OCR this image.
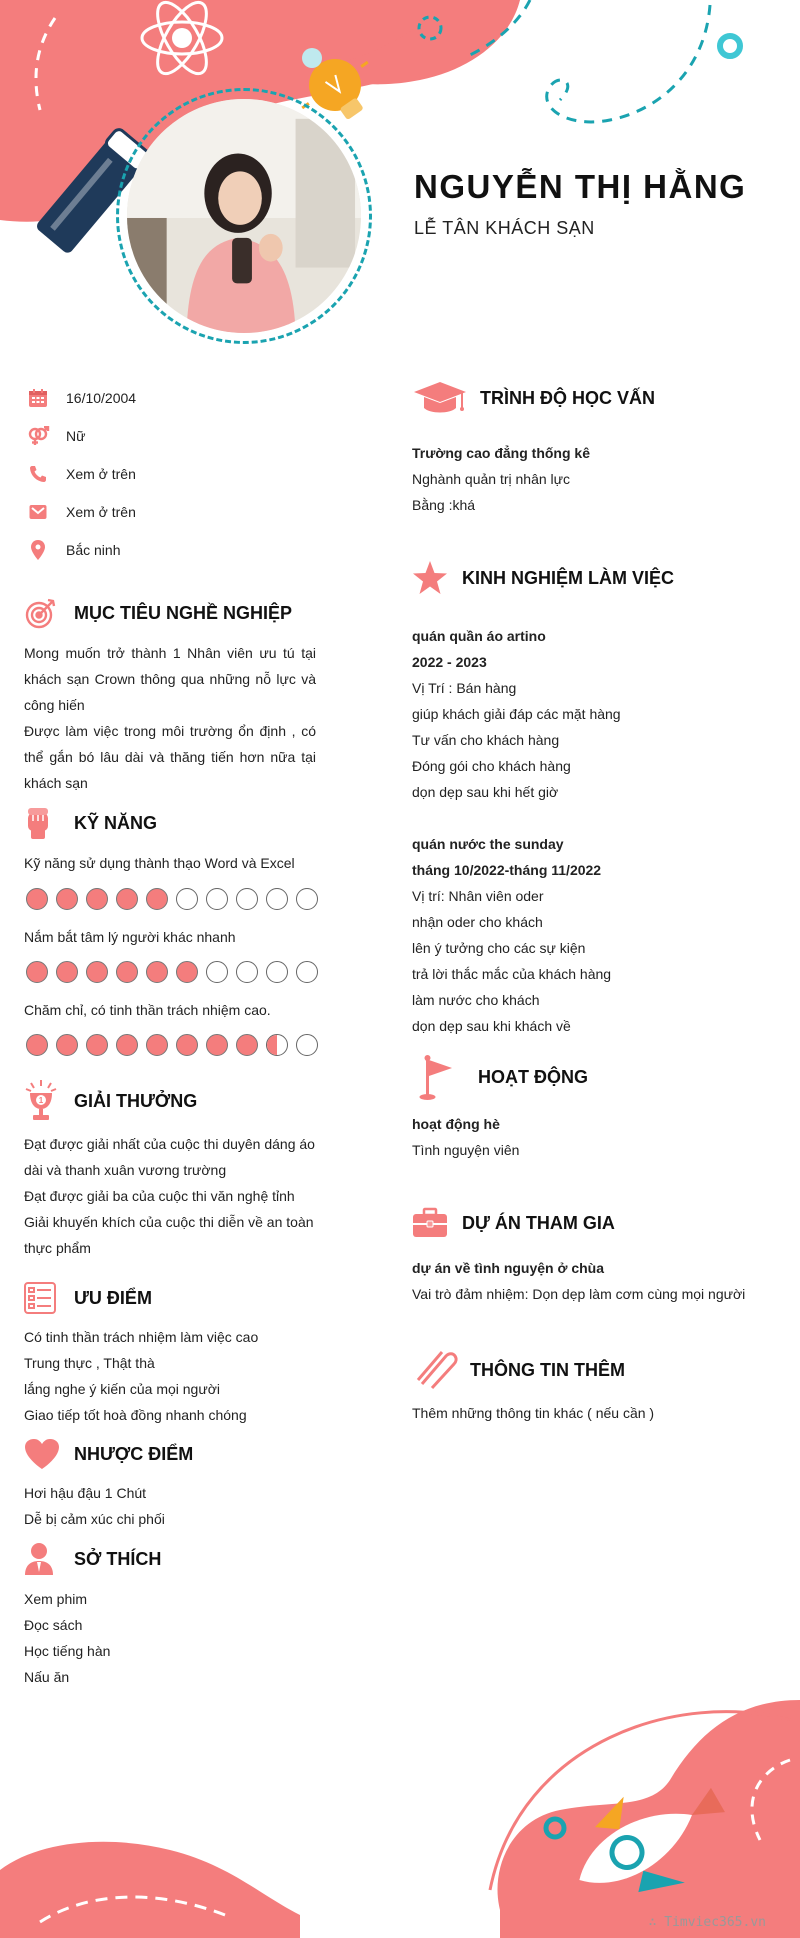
NGUYỄN THỊ HẰNG
LỄ TÂN KHÁCH SẠN
16/10/2004
Nữ
Xem ở trên
Xem ở trên
Bắc ninh
MỤC TIÊU NGHỀ NGHIỆP
Mong muốn trở thành 1 Nhân viên ưu tú tại khách sạn Crown thông qua những nỗ lực và công hiến
Được làm việc trong môi trường ổn định , có thể gắn bó lâu dài và thăng tiến hơn nữa tại khách sạn
KỸ NĂNG
Kỹ năng sử dụng thành thạo Word và Excel
Nắm bắt tâm lý người khác nhanh
Chăm chỉ, có tinh thần trách nhiệm cao.
1 GIẢI THƯỞNG
Đạt được giải nhất của cuộc thi duyên dáng áo dài và thanh xuân vương trường
Đạt được giải ba của cuộc thi văn nghệ tỉnh
Giải khuyến khích của cuộc thi diễn về an toàn thực phẩm
ƯU ĐIỂM
Có tinh thần trách nhiệm làm việc cao
Trung thực , Thật thà
lắng nghe ý kiến của mọi người
Giao tiếp tốt hoà đồng nhanh chóng
NHƯỢC ĐIỂM
Hơi hậu đậu 1 Chút
Dễ bị cảm xúc chi phối
SỞ THÍCH
Xem phim
Đọc sách
Học tiếng hàn
Nấu ăn
TRÌNH ĐỘ HỌC VẤN
Trường cao đẳng thống kê
Nghành quản trị nhân lực
Bằng :khá
KINH NGHIỆM LÀM VIỆC
quán quần áo artino
2022 - 2023
Vị Trí : Bán hàng
giúp khách giải đáp các mặt hàng
Tư vấn cho khách hàng
Đóng gói cho khách hàng
dọn dẹp sau khi hết giờ
quán nước the sunday
tháng 10/2022-tháng 11/2022
Vị trí: Nhân viên oder
nhận oder cho khách
lên ý tưởng cho các sự kiện
trả lời thắc mắc của khách hàng
làm nước cho khách
dọn dẹp sau khi khách về
HOẠT ĐỘNG
hoạt động hè
Tình nguyện viên
DỰ ÁN THAM GIA
dự án về tình nguyện ở chùa
Vai trò đảm nhiệm: Dọn dẹp làm cơm cùng mọi người
THÔNG TIN THÊM
Thêm những thông tin khác ( nếu cần )
∴ Timviec365.vn
